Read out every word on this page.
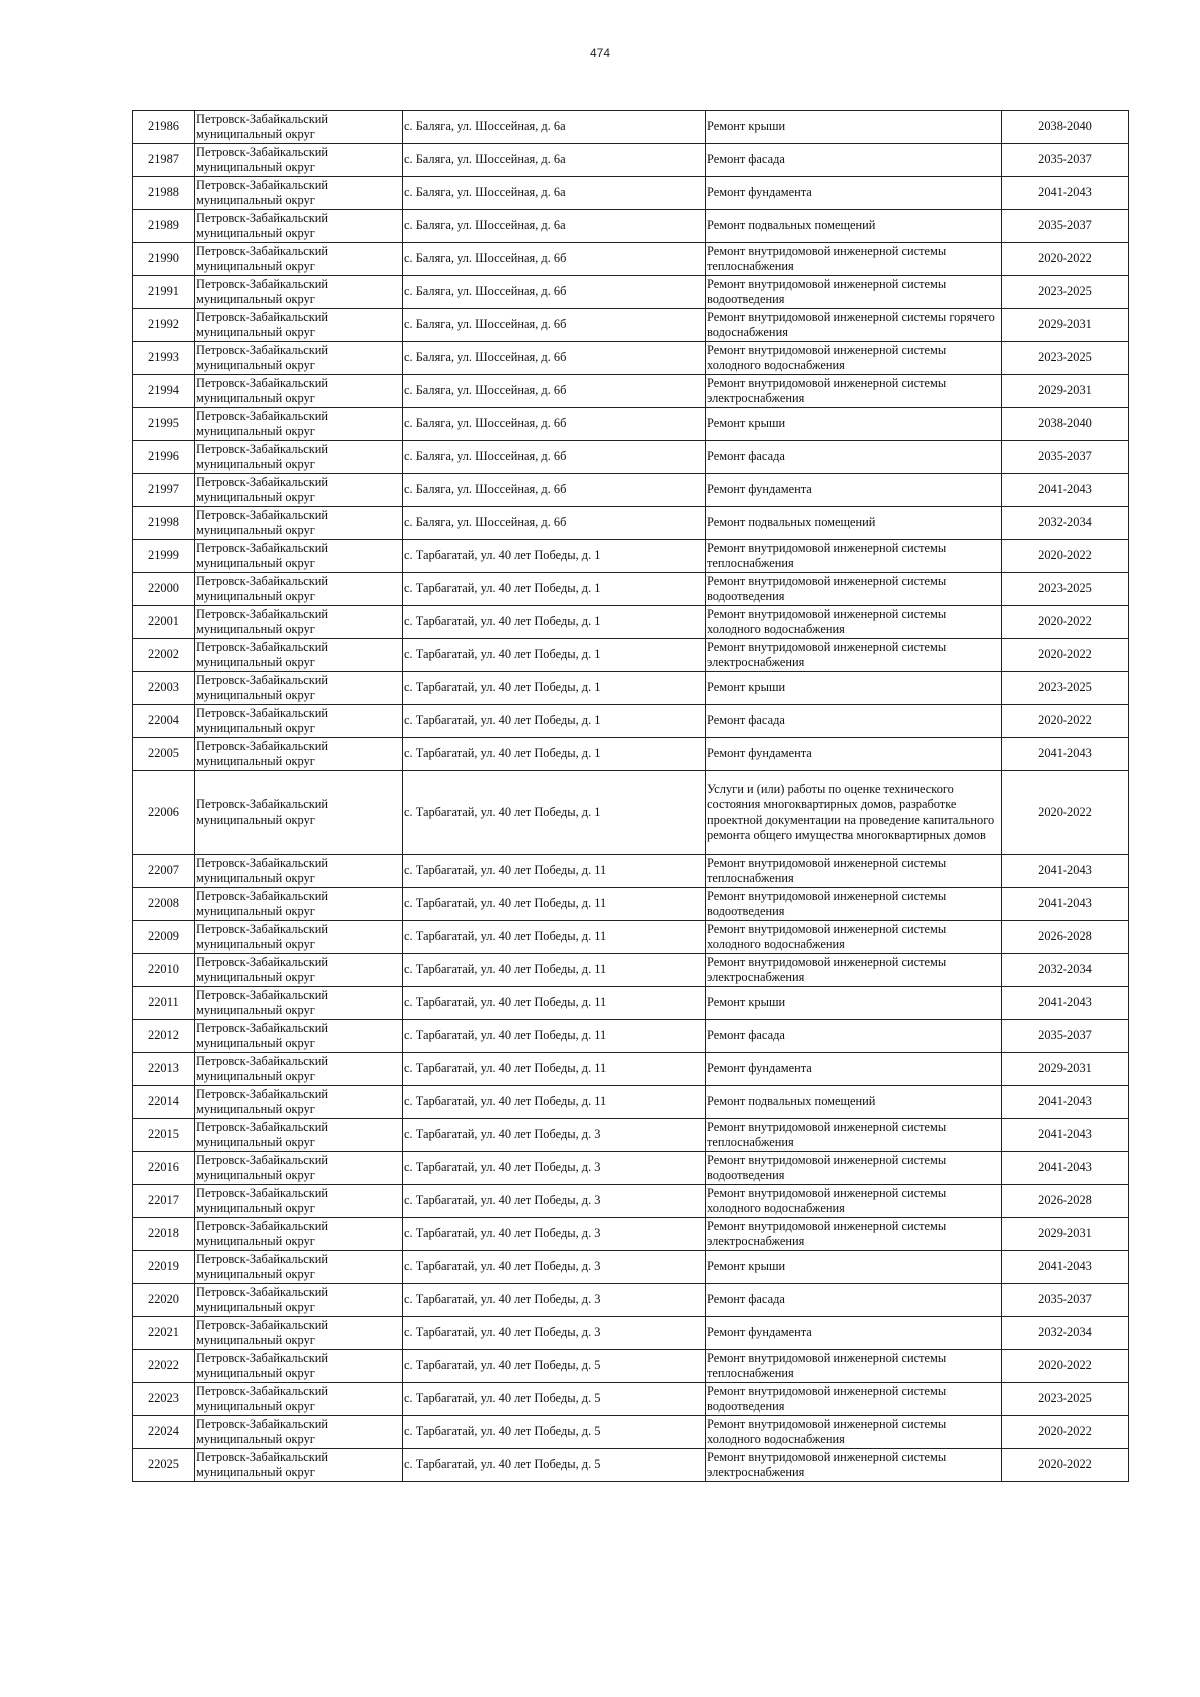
474
21986	Петровск-Забайкальский муниципальный округ	с. Балягa, ул. Шоссейная, д. 6а	Ремонт крыши	2038-2040
21987	Петровск-Забайкальский муниципальный округ	с. Балягa, ул. Шоссейная, д. 6а	Ремонт фасада	2035-2037
21988	Петровск-Забайкальский муниципальный округ	с. Балягa, ул. Шоссейная, д. 6а	Ремонт фундамента	2041-2043
21989	Петровск-Забайкальский муниципальный округ	с. Балягa, ул. Шоссейная, д. 6а	Ремонт подвальных помещений	2035-2037
21990	Петровск-Забайкальский муниципальный округ	с. Балягa, ул. Шоссейная, д. 6б	Ремонт внутридомовой инженерной системы теплоснабжения	2020-2022
21991	Петровск-Забайкальский муниципальный округ	с. Балягa, ул. Шоссейная, д. 6б	Ремонт внутридомовой инженерной системы водоотведения	2023-2025
21992	Петровск-Забайкальский муниципальный округ	с. Балягa, ул. Шоссейная, д. 6б	Ремонт внутридомовой инженерной системы горячего водоснабжения	2029-2031
21993	Петровск-Забайкальский муниципальный округ	с. Балягa, ул. Шоссейная, д. 6б	Ремонт внутридомовой инженерной системы холодного водоснабжения	2023-2025
21994	Петровск-Забайкальский муниципальный округ	с. Балягa, ул. Шоссейная, д. 6б	Ремонт внутридомовой инженерной системы электроснабжения	2029-2031
21995	Петровск-Забайкальский муниципальный округ	с. Балягa, ул. Шоссейная, д. 6б	Ремонт крыши	2038-2040
21996	Петровск-Забайкальский муниципальный округ	с. Балягa, ул. Шоссейная, д. 6б	Ремонт фасада	2035-2037
21997	Петровск-Забайкальский муниципальный округ	с. Балягa, ул. Шоссейная, д. 6б	Ремонт фундамента	2041-2043
21998	Петровск-Забайкальский муниципальный округ	с. Балягa, ул. Шоссейная, д. 6б	Ремонт подвальных помещений	2032-2034
21999	Петровск-Забайкальский муниципальный округ	с. Тарбагатай, ул. 40 лет Победы, д. 1	Ремонт внутридомовой инженерной системы теплоснабжения	2020-2022
22000	Петровск-Забайкальский муниципальный округ	с. Тарбагатай, ул. 40 лет Победы, д. 1	Ремонт внутридомовой инженерной системы водоотведения	2023-2025
22001	Петровск-Забайкальский муниципальный округ	с. Тарбагатай, ул. 40 лет Победы, д. 1	Ремонт внутридомовой инженерной системы холодного водоснабжения	2020-2022
22002	Петровск-Забайкальский муниципальный округ	с. Тарбагатай, ул. 40 лет Победы, д. 1	Ремонт внутридомовой инженерной системы электроснабжения	2020-2022
22003	Петровск-Забайкальский муниципальный округ	с. Тарбагатай, ул. 40 лет Победы, д. 1	Ремонт крыши	2023-2025
22004	Петровск-Забайкальский муниципальный округ	с. Тарбагатай, ул. 40 лет Победы, д. 1	Ремонт фасада	2020-2022
22005	Петровск-Забайкальский муниципальный округ	с. Тарбагатай, ул. 40 лет Победы, д. 1	Ремонт фундамента	2041-2043
22006	Петровск-Забайкальский муниципальный округ	с. Тарбагатай, ул. 40 лет Победы, д. 1	Услуги и (или) работы по оценке технического состояния многоквартирных домов, разработке проектной документации на проведение капитального ремонта общего имущества многоквартирных домов	2020-2022
22007	Петровск-Забайкальский муниципальный округ	с. Тарбагатай, ул. 40 лет Победы, д. 11	Ремонт внутридомовой инженерной системы теплоснабжения	2041-2043
22008	Петровск-Забайкальский муниципальный округ	с. Тарбагатай, ул. 40 лет Победы, д. 11	Ремонт внутридомовой инженерной системы водоотведения	2041-2043
22009	Петровск-Забайкальский муниципальный округ	с. Тарбагатай, ул. 40 лет Победы, д. 11	Ремонт внутридомовой инженерной системы холодного водоснабжения	2026-2028
22010	Петровск-Забайкальский муниципальный округ	с. Тарбагатай, ул. 40 лет Победы, д. 11	Ремонт внутридомовой инженерной системы электроснабжения	2032-2034
22011	Петровск-Забайкальский муниципальный округ	с. Тарбагатай, ул. 40 лет Победы, д. 11	Ремонт крыши	2041-2043
22012	Петровск-Забайкальский муниципальный округ	с. Тарбагатай, ул. 40 лет Победы, д. 11	Ремонт фасада	2035-2037
22013	Петровск-Забайкальский муниципальный округ	с. Тарбагатай, ул. 40 лет Победы, д. 11	Ремонт фундамента	2029-2031
22014	Петровск-Забайкальский муниципальный округ	с. Тарбагатай, ул. 40 лет Победы, д. 11	Ремонт подвальных помещений	2041-2043
22015	Петровск-Забайкальский муниципальный округ	с. Тарбагатай, ул. 40 лет Победы, д. 3	Ремонт внутридомовой инженерной системы теплоснабжения	2041-2043
22016	Петровск-Забайкальский муниципальный округ	с. Тарбагатай, ул. 40 лет Победы, д. 3	Ремонт внутридомовой инженерной системы водоотведения	2041-2043
22017	Петровск-Забайкальский муниципальный округ	с. Тарбагатай, ул. 40 лет Победы, д. 3	Ремонт внутридомовой инженерной системы холодного водоснабжения	2026-2028
22018	Петровск-Забайкальский муниципальный округ	с. Тарбагатай, ул. 40 лет Победы, д. 3	Ремонт внутридомовой инженерной системы электроснабжения	2029-2031
22019	Петровск-Забайкальский муниципальный округ	с. Тарбагатай, ул. 40 лет Победы, д. 3	Ремонт крыши	2041-2043
22020	Петровск-Забайкальский муниципальный округ	с. Тарбагатай, ул. 40 лет Победы, д. 3	Ремонт фасада	2035-2037
22021	Петровск-Забайкальский муниципальный округ	с. Тарбагатай, ул. 40 лет Победы, д. 3	Ремонт фундамента	2032-2034
22022	Петровск-Забайкальский муниципальный округ	с. Тарбагатай, ул. 40 лет Победы, д. 5	Ремонт внутридомовой инженерной системы теплоснабжения	2020-2022
22023	Петровск-Забайкальский муниципальный округ	с. Тарбагатай, ул. 40 лет Победы, д. 5	Ремонт внутридомовой инженерной системы водоотведения	2023-2025
22024	Петровск-Забайкальский муниципальный округ	с. Тарбагатай, ул. 40 лет Победы, д. 5	Ремонт внутридомовой инженерной системы холодного водоснабжения	2020-2022
22025	Петровск-Забайкальский муниципальный округ	с. Тарбагатай, ул. 40 лет Победы, д. 5	Ремонт внутридомовой инженерной системы электроснабжения	2020-2022
